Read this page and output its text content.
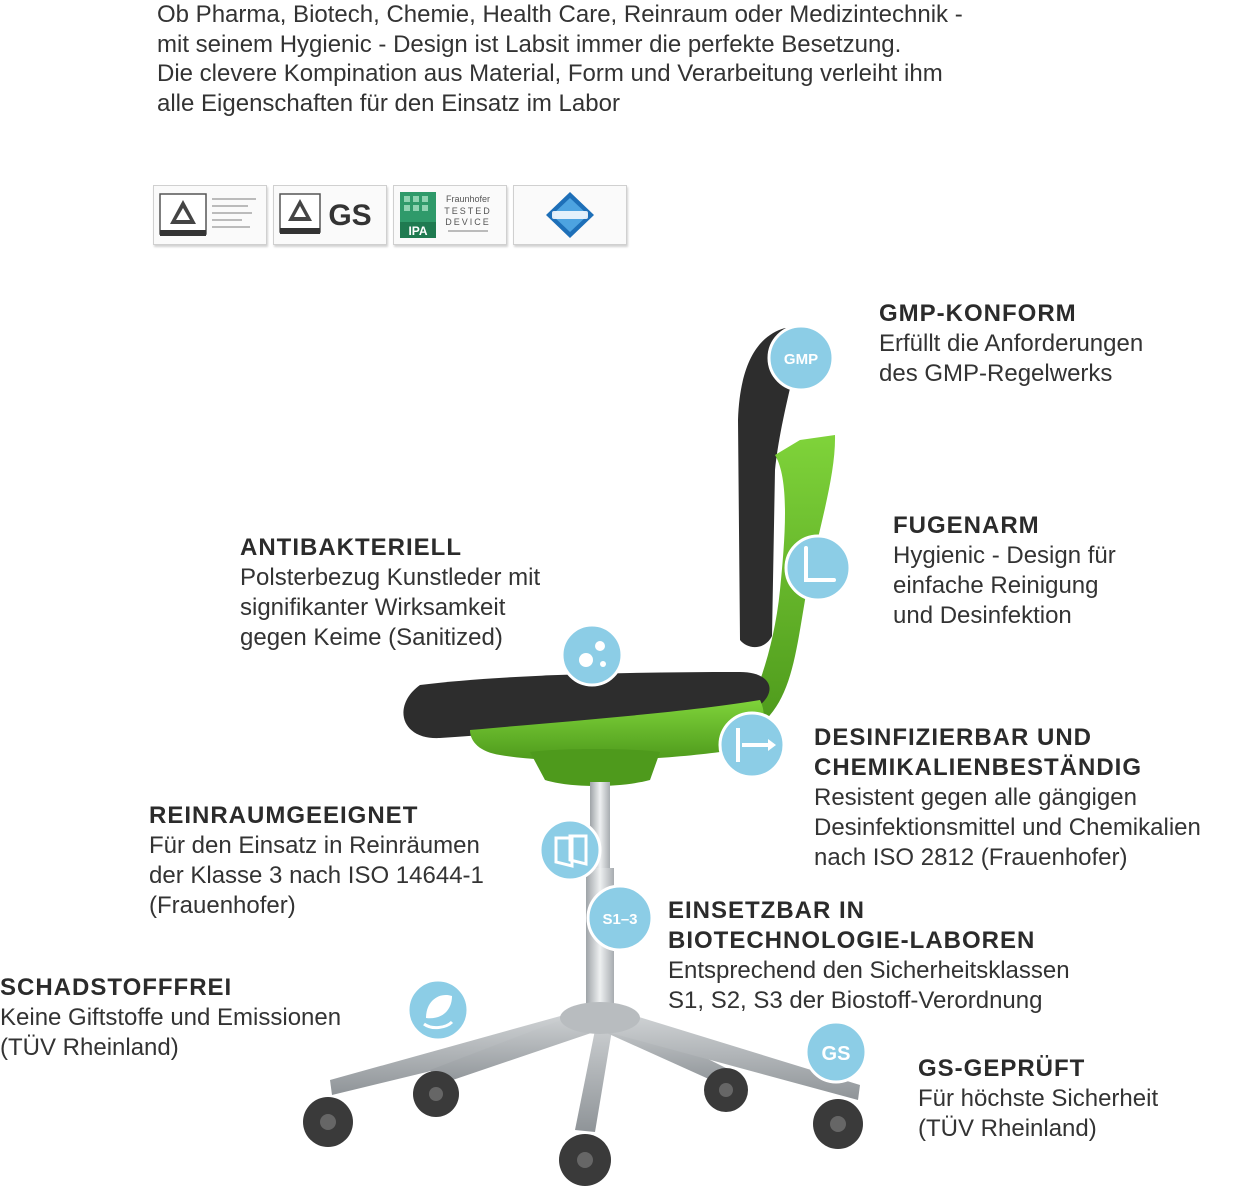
Ob Pharma, Biotech, Chemie, Health Care, Reinraum oder Medizintechnik -
mit seinem Hygienic - Design ist Labsit immer die perfekte Besetzung.
Die clevere Kompination aus Material, Form und Verarbeitung verleiht ihm
alle Eigenschaften für den Einsatz im Labor
GS	IPA
Fraunhofer
TESTED
DEVICE
GMP
S1–3
GS
GMP-KONFORM
Erfüllt die Anforderungen
des GMP-Regelwerks
FUGENARM
Hygienic - Design für
einfache Reinigung
und Desinfektion
ANTIBAKTERIELL
Polsterbezug Kunstleder mit
signifikanter Wirksamkeit
gegen Keime (Sanitized)
DESINFIZIERBAR UND
CHEMIKALIENBESTÄNDIG
Resistent gegen alle gängigen
Desinfektionsmittel und Chemikalien
nach ISO 2812 (Frauenhofer)
REINRAUMGEEIGNET
Für den Einsatz in Reinräumen
der Klasse 3 nach ISO 14644-1
(Frauenhofer)	EINSETZBAR IN
BIOTECHNOLOGIE-LABOREN
Entsprechend den Sicherheitsklassen
S1, S2, S3 der Biostoff-Verordnung
SCHADSTOFFFREI
Keine Giftstoffe und Emissionen
(TÜV Rheinland)
GS-GEPRÜFT
Für höchste Sicherheit
(TÜV Rheinland)
